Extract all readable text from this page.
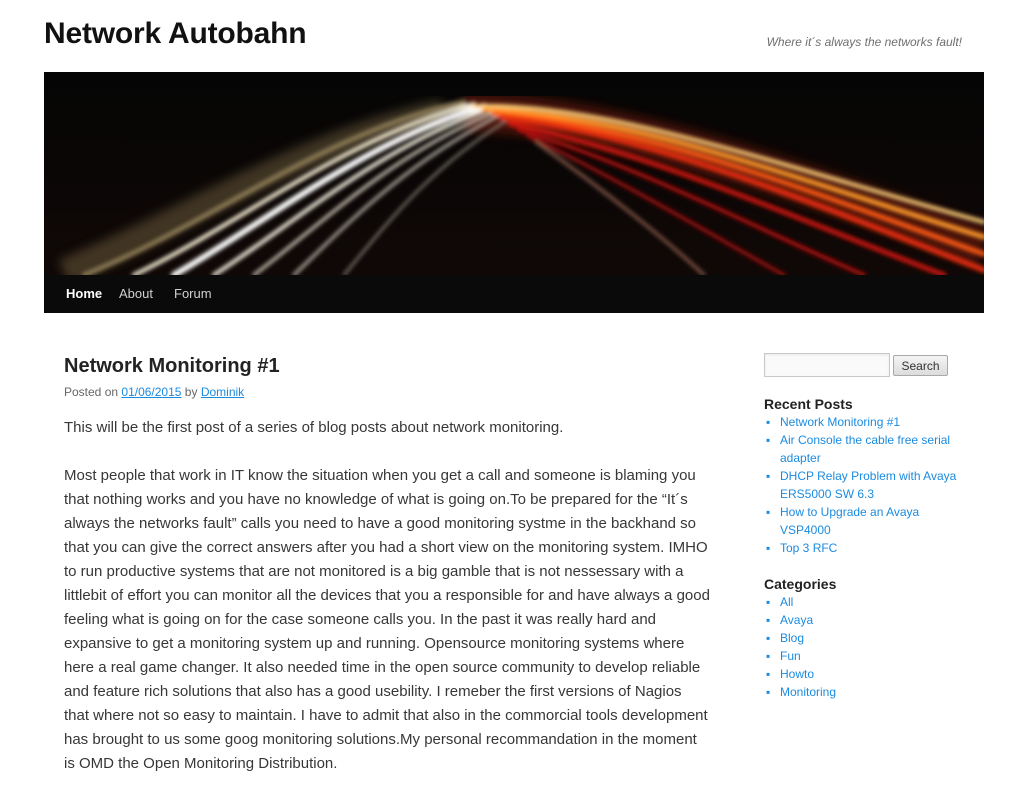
Network Autobahn	Where it´s always the networks fault!
Home About Forum
Network Monitoring #1
Posted on 01/06/2015 by Dominik

This will be the first post of a series of blog posts about network monitoring.

Most people that work in IT know the situation when you get a call and someone is blaming you that nothing works and you have no knowledge of what is going on.To be prepared for the “It´s always the networks fault” calls you need to have a good monitoring systme in the backhand so that you can give the correct answers after you had a short view on the monitoring system. IMHO to run productive systems that are not monitored is a big gamble that is not nessessary with a littlebit of effort you can monitor all the devices that you a responsible for and have always a good feeling what is going on for the case someone calls you. In the past it was really hard and expansive to get a monitoring system up and running. Opensource monitoring systems where here a real game changer. It also needed time in the open source community to develop reliable and feature rich solutions that also has a good usebility. I remeber the first versions of Nagios that where not so easy to maintain. I have to admit that also in the commorcial tools development has brought to us some goog monitoring solutions.My personal recommandation in the moment is OMD the Open Monitoring Distribution.

Search
Recent Posts
▪ Network Monitoring #1
▪ Air Console the cable free serial adapter
▪ DHCP Relay Problem with Avaya ERS5000 SW 6.3
▪ How to Upgrade an Avaya VSP4000
▪ Top 3 RFC
Categories
▪ All
▪ Avaya
▪ Blog
▪ Fun
▪ Howto
▪ Monitoring
